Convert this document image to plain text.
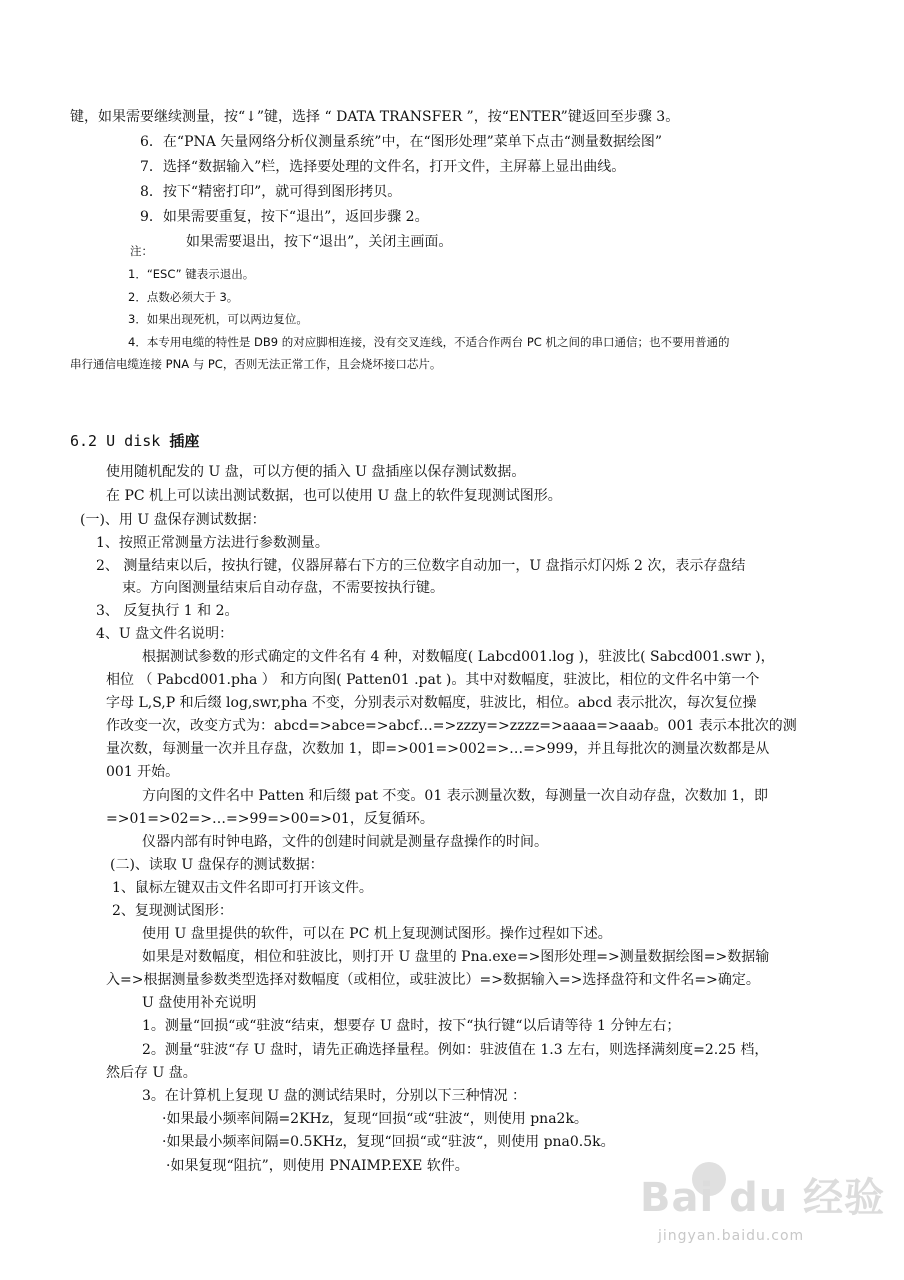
键，如果需要继续测量，按“↓”键，选择 “ DATA TRANSFER ”，按“ENTER”键返回至步骤 3。
6．在“PNA 矢量网络分析仪测量系统”中，在“图形处理”菜单下点击“测量数据绘图”
7．选择“数据输入”栏，选择要处理的文件名，打开文件，主屏幕上显出曲线。
8．按下“精密打印”，就可得到图形拷贝。
9．如果需要重复，按下“退出”，返回步骤 2。
如果需要退出，按下“退出”，关闭主画面。
注：
1．“ESC” 键表示退出。
2．点数必须大于 3。
3．如果出现死机，可以两边复位。
4．本专用电缆的特性是 DB9 的对应脚相连接，没有交叉连线，不适合作两台 PC 机之间的串口通信；也不要用普通的
串行通信电缆连接 PNA 与 PC，否则无法正常工作，且会烧坏接口芯片。
6.2 U disk 插座
使用随机配发的 U 盘，可以方便的插入 U 盘插座以保存测试数据。
在 PC 机上可以读出测试数据，也可以使用 U 盘上的软件复现测试图形。
(一)、用 U 盘保存测试数据：
1、按照正常测量方法进行参数测量。
2、 测量结束以后，按执行键，仪器屏幕右下方的三位数字自动加一，U 盘指示灯闪烁 2 次，表示存盘结
束。方向图测量结束后自动存盘，不需要按执行键。
3、 反复执行 1 和 2。
4、U 盘文件名说明：
根据测试参数的形式确定的文件名有 4 种，对数幅度( Labcd001.log )，驻波比( Sabcd001.swr )，
相位 （ Pabcd001.pha ） 和方向图( Patten01 .pat )。其中对数幅度，驻波比，相位的文件名中第一个
字母 L,S,P 和后缀 log,swr,pha 不变，分别表示对数幅度，驻波比，相位。abcd 表示批次，每次复位操
作改变一次，改变方式为：abcd=>abce=>abcf…=>zzzy=>zzzz=>aaaa=>aaab。001 表示本批次的测
量次数，每测量一次并且存盘，次数加 1，即=>001=>002=>…=>999，并且每批次的测量次数都是从
001 开始。
方向图的文件名中 Patten 和后缀 pat 不变。01 表示测量次数，每测量一次自动存盘，次数加 1，即
=>01=>02=>…=>99=>00=>01，反复循环。
仪器内部有时钟电路，文件的创建时间就是测量存盘操作的时间。
(二)、读取 U 盘保存的测试数据：
1、鼠标左键双击文件名即可打开该文件。
2、复现测试图形：
使用 U 盘里提供的软件，可以在 PC 机上复现测试图形。操作过程如下述。
如果是对数幅度，相位和驻波比，则打开 U 盘里的 Pna.exe=>图形处理=>测量数据绘图=>数据输
入=>根据测量参数类型选择对数幅度（或相位，或驻波比）=>数据输入=>选择盘符和文件名=>确定。
U 盘使用补充说明
1。测量“回损“或“驻波“结束，想要存 U 盘时，按下“执行键“以后请等待 1 分钟左右；
2。测量“驻波“存 U 盘时，请先正确选择量程。例如：驻波值在 1.3 左右，则选择满刻度=2.25 档，
然后存 U 盘。
3。在计算机上复现 U 盘的测试结果时，分别以下三种情况 ：
·如果最小频率间隔=2KHz，复现“回损“或“驻波“，则使用 pna2k。
·如果最小频率间隔=0.5KHz，复现“回损“或“驻波“，则使用 pna0.5k。
·如果复现“阻抗”，则使用 PNAIMP.EXE 软件。
Bai du 经验
jingyan.baidu.com
